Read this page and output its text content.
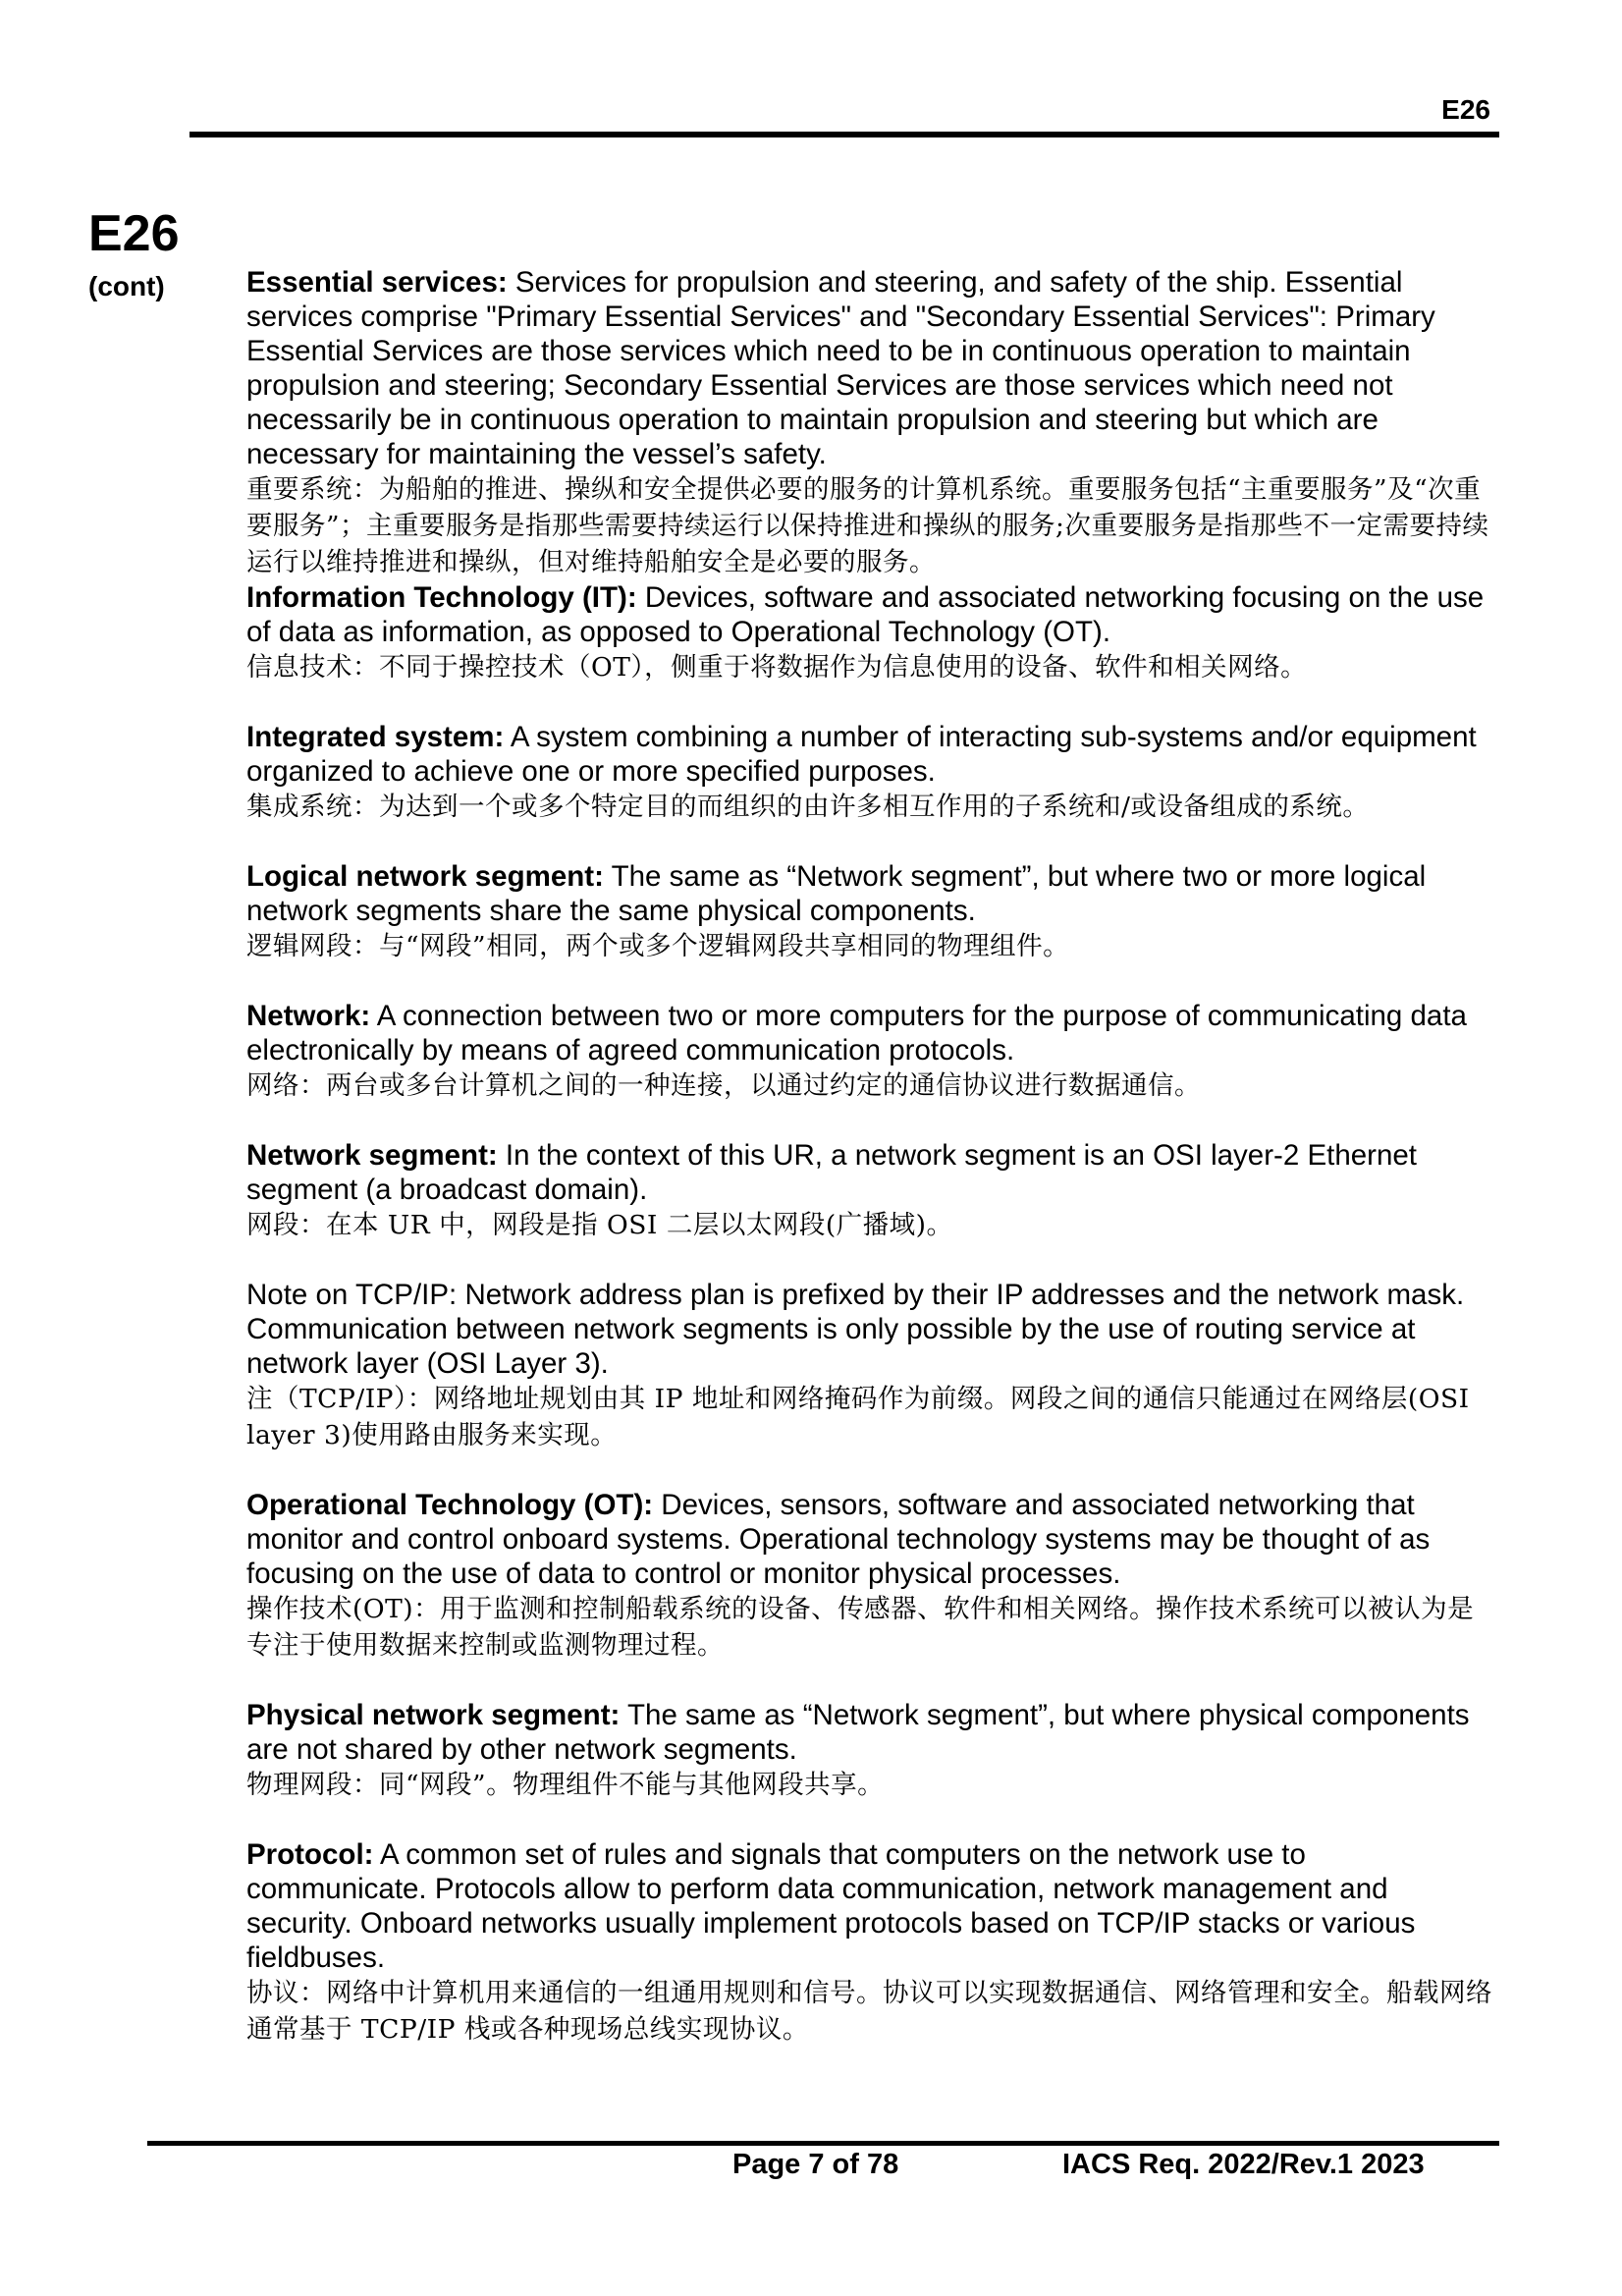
E26
E26
(cont)	Essential services: Services for propulsion and steering, and safety of the ship. Essential services comprise "Primary Essential Services" and "Secondary Essential Services": Primary Essential Services are those services which need to be in continuous operation to maintain propulsion and steering; Secondary Essential Services are those services which need not necessarily be in continuous operation to maintain propulsion and steering but which are necessary for maintaining the vessel’s safety.
重要系统：为船舶的推进、操纵和安全提供必要的服务的计算机系统。重要服务包括“主重要服务”及“次重要服务”；主重要服务是指那些需要持续运行以保持推进和操纵的服务;次重要服务是指那些不一定需要持续运行以维持推进和操纵，但对维持船舶安全是必要的服务。
Information Technology (IT): Devices, software and associated networking focusing on the use of data as information, as opposed to Operational Technology (OT).
信息技术：不同于操控技术（OT），侧重于将数据作为信息使用的设备、软件和相关网络。
Integrated system: A system combining a number of interacting sub-systems and/or equipment organized to achieve one or more specified purposes.
集成系统：为达到一个或多个特定目的而组织的由许多相互作用的子系统和/或设备组成的系统。
Logical network segment: The same as “Network segment”, but where two or more logical network segments share the same physical components.
逻辑网段：与“网段”相同，两个或多个逻辑网段共享相同的物理组件。
Network: A connection between two or more computers for the purpose of communicating data electronically by means of agreed communication protocols.
网络：两台或多台计算机之间的一种连接，以通过约定的通信协议进行数据通信。
Network segment: In the context of this UR, a network segment is an OSI layer-2 Ethernet segment (a broadcast domain).
网段：在本 UR 中，网段是指 OSI 二层以太网段(广播域)。
Note on TCP/IP: Network address plan is prefixed by their IP addresses and the network mask. Communication between network segments is only possible by the use of routing service at network layer (OSI Layer 3).
注（TCP/IP）：网络地址规划由其 IP 地址和网络掩码作为前缀。网段之间的通信只能通过在网络层(OSI layer 3)使用路由服务来实现。
Operational Technology (OT): Devices, sensors, software and associated networking that monitor and control onboard systems. Operational technology systems may be thought of as focusing on the use of data to control or monitor physical processes.
操作技术(OT)：用于监测和控制船载系统的设备、传感器、软件和相关网络。操作技术系统可以被认为是专注于使用数据来控制或监测物理过程。
Physical network segment: The same as “Network segment”, but where physical components are not shared by other network segments.
物理网段：同“网段”。物理组件不能与其他网段共享。
Protocol: A common set of rules and signals that computers on the network use to communicate. Protocols allow to perform data communication, network management and security. Onboard networks usually implement protocols based on TCP/IP stacks or various fieldbuses.
协议：网络中计算机用来通信的一组通用规则和信号。协议可以实现数据通信、网络管理和安全。船载网络通常基于 TCP/IP 栈或各种现场总线实现协议。
Page 7 of 78	IACS Req. 2022/Rev.1 2023
